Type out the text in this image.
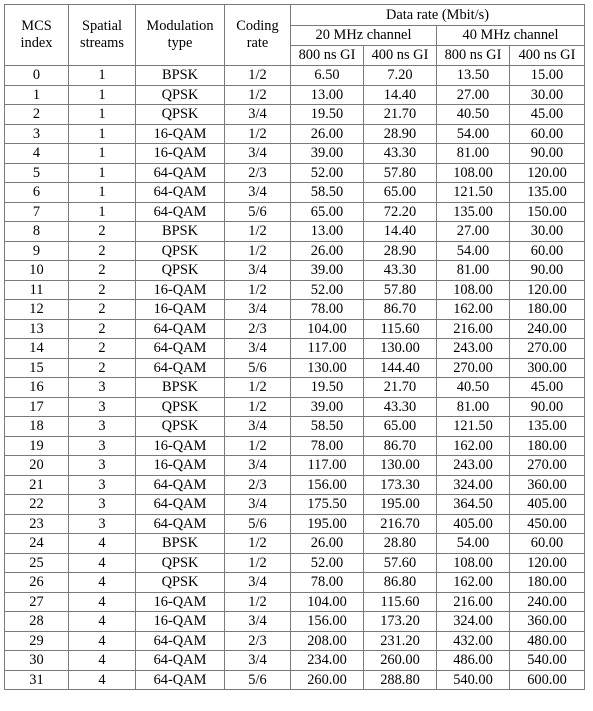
MCS index	Spatial streams	Modulation type	Coding rate	Data rate (Mbit/s)			
				20 MHz channel		40 MHz channel	
				800 ns GI	400 ns GI	800 ns GI	400 ns GI
0	1	BPSK	1/2	6.50	7.20	13.50	15.00
1	1	QPSK	1/2	13.00	14.40	27.00	30.00
2	1	QPSK	3/4	19.50	21.70	40.50	45.00
3	1	16-QAM	1/2	26.00	28.90	54.00	60.00
4	1	16-QAM	3/4	39.00	43.30	81.00	90.00
5	1	64-QAM	2/3	52.00	57.80	108.00	120.00
6	1	64-QAM	3/4	58.50	65.00	121.50	135.00
7	1	64-QAM	5/6	65.00	72.20	135.00	150.00
8	2	BPSK	1/2	13.00	14.40	27.00	30.00
9	2	QPSK	1/2	26.00	28.90	54.00	60.00
10	2	QPSK	3/4	39.00	43.30	81.00	90.00
11	2	16-QAM	1/2	52.00	57.80	108.00	120.00
12	2	16-QAM	3/4	78.00	86.70	162.00	180.00
13	2	64-QAM	2/3	104.00	115.60	216.00	240.00
14	2	64-QAM	3/4	117.00	130.00	243.00	270.00
15	2	64-QAM	5/6	130.00	144.40	270.00	300.00
16	3	BPSK	1/2	19.50	21.70	40.50	45.00
17	3	QPSK	1/2	39.00	43.30	81.00	90.00
18	3	QPSK	3/4	58.50	65.00	121.50	135.00
19	3	16-QAM	1/2	78.00	86.70	162.00	180.00
20	3	16-QAM	3/4	117.00	130.00	243.00	270.00
21	3	64-QAM	2/3	156.00	173.30	324.00	360.00
22	3	64-QAM	3/4	175.50	195.00	364.50	405.00
23	3	64-QAM	5/6	195.00	216.70	405.00	450.00
24	4	BPSK	1/2	26.00	28.80	54.00	60.00
25	4	QPSK	1/2	52.00	57.60	108.00	120.00
26	4	QPSK	3/4	78.00	86.80	162.00	180.00
27	4	16-QAM	1/2	104.00	115.60	216.00	240.00
28	4	16-QAM	3/4	156.00	173.20	324.00	360.00
29	4	64-QAM	2/3	208.00	231.20	432.00	480.00
30	4	64-QAM	3/4	234.00	260.00	486.00	540.00
31	4	64-QAM	5/6	260.00	288.80	540.00	600.00
